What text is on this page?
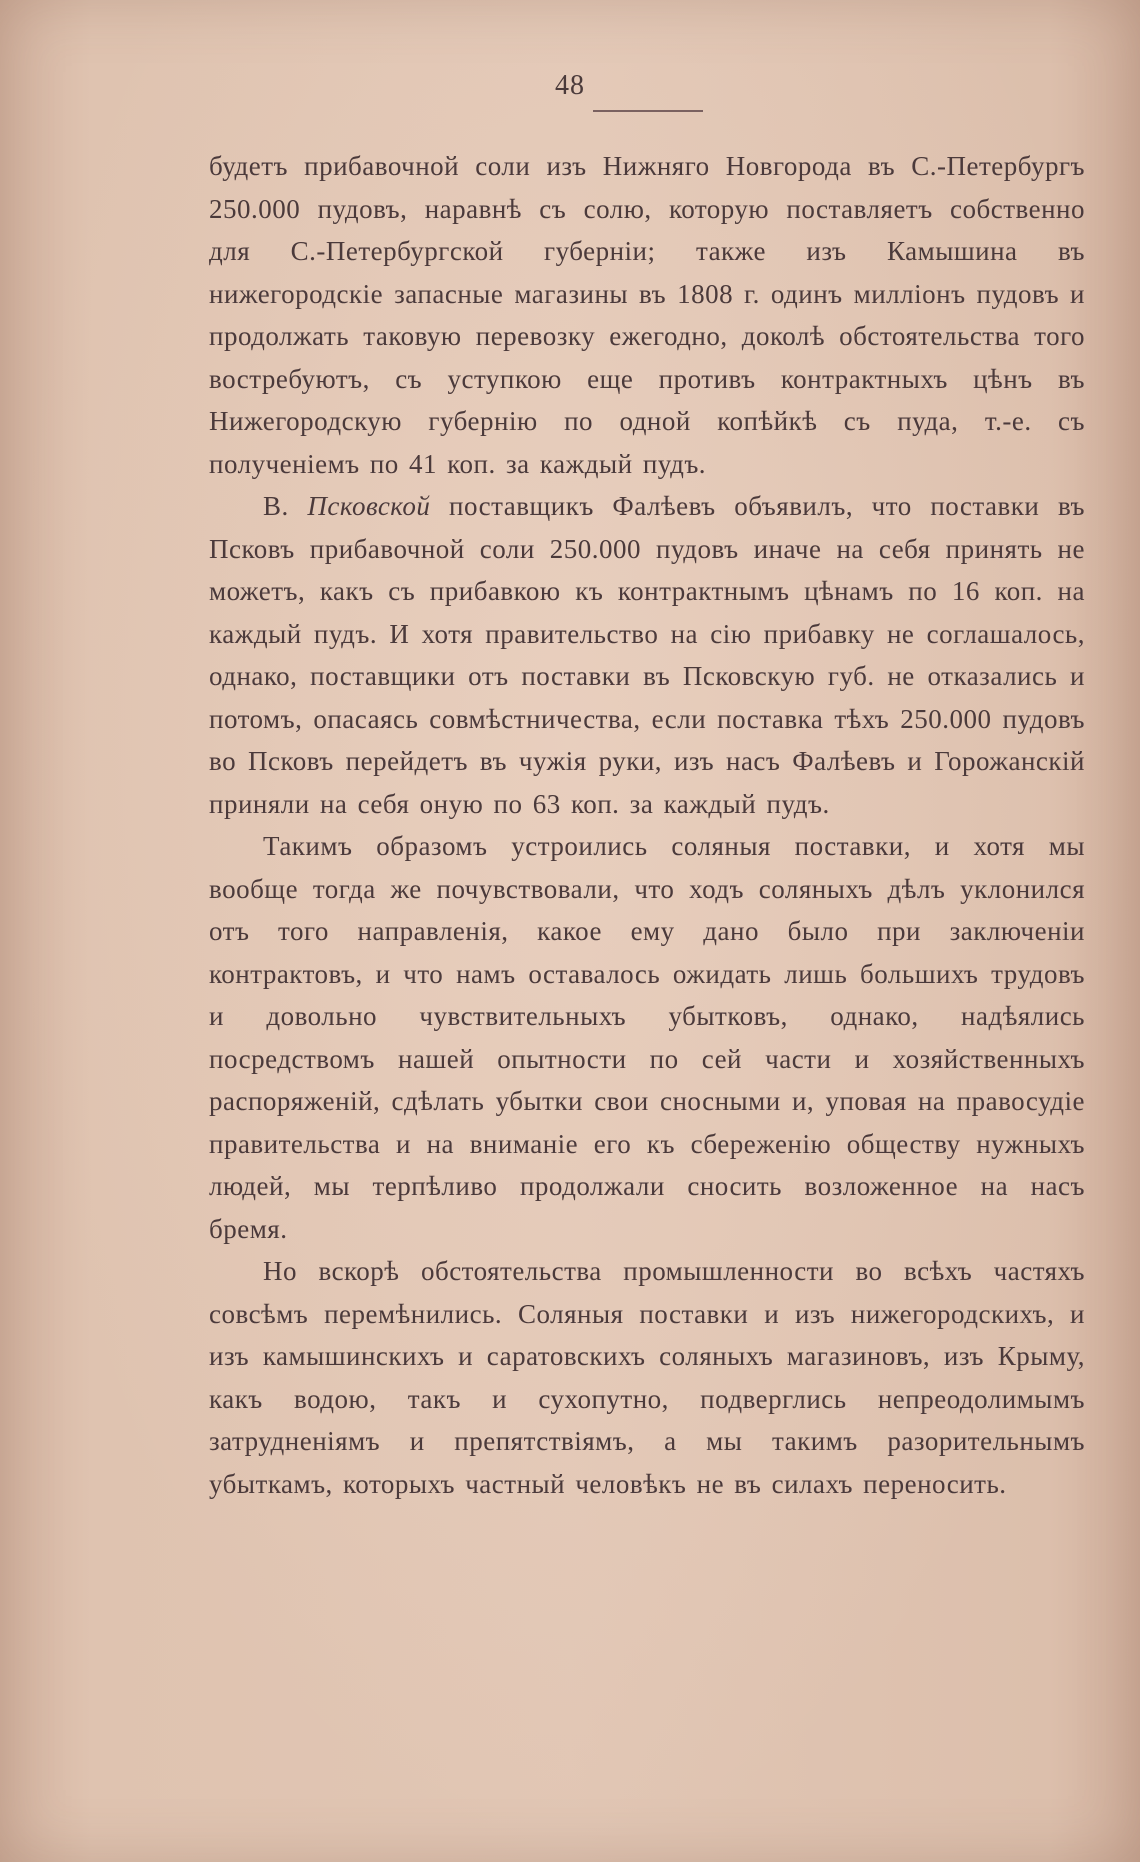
48

будетъ прибавочной соли изъ Нижняго Новгорода въ С.-Петербургъ 250.000 пудовъ, наравнѣ съ солю, которую поставляетъ собственно для С.-Петербургской губерніи; также изъ Камышина въ нижегородскіе запасные магазины въ 1808 г. одинъ милліонъ пудовъ и продолжать таковую перевозку ежегодно, доколѣ обстоятельства того востребуютъ, съ уступкою еще противъ контрактныхъ цѣнъ въ Нижегородскую губернію по одной копѣйкѣ съ пуда, т.-е. съ полученіемъ по 41 коп. за каждый пудъ.

В. Псковской поставщикъ Фалѣевъ объявилъ, что поставки въ Псковъ прибавочной соли 250.000 пудовъ иначе на себя принять не можетъ, какъ съ прибавкою къ контрактнымъ цѣнамъ по 16 коп. на каждый пудъ. И хотя правительство на сію прибавку не соглашалось, однако, поставщики отъ поставки въ Псковскую губ. не отказались и потомъ, опасаясь совмѣстничества, если поставка тѣхъ 250.000 пудовъ во Псковъ перейдетъ въ чужія руки, изъ насъ Фалѣевъ и Горожанскій приняли на себя оную по 63 коп. за каждый пудъ.

Такимъ образомъ устроились соляныя поставки, и хотя мы вообще тогда же почувствовали, что ходъ соляныхъ дѣлъ уклонился отъ того направленія, какое ему дано было при заключеніи контрактовъ, и что намъ оставалось ожидать лишь большихъ трудовъ и довольно чувствительныхъ убытковъ, однако, надѣялись посредствомъ нашей опытности по сей части и хозяйственныхъ распоряженій, сдѣлать убытки свои сносными и, уповая на правосудіе правительства и на вниманіе его къ сбереженію обществу нужныхъ людей, мы терпѣливо продолжали сносить возложенное на насъ бремя.

Но вскорѣ обстоятельства промышленности во всѣхъ частяхъ совсѣмъ перемѣнились. Соляныя поставки и изъ нижегородскихъ, и изъ камышинскихъ и саратовскихъ соляныхъ магазиновъ, изъ Крыму, какъ водою, такъ и сухопутно, подверглись непреодолимымъ затрудненіямъ и препятствіямъ, а мы такимъ разорительнымъ убыткамъ, которыхъ частный человѣкъ не въ силахъ переносить.
